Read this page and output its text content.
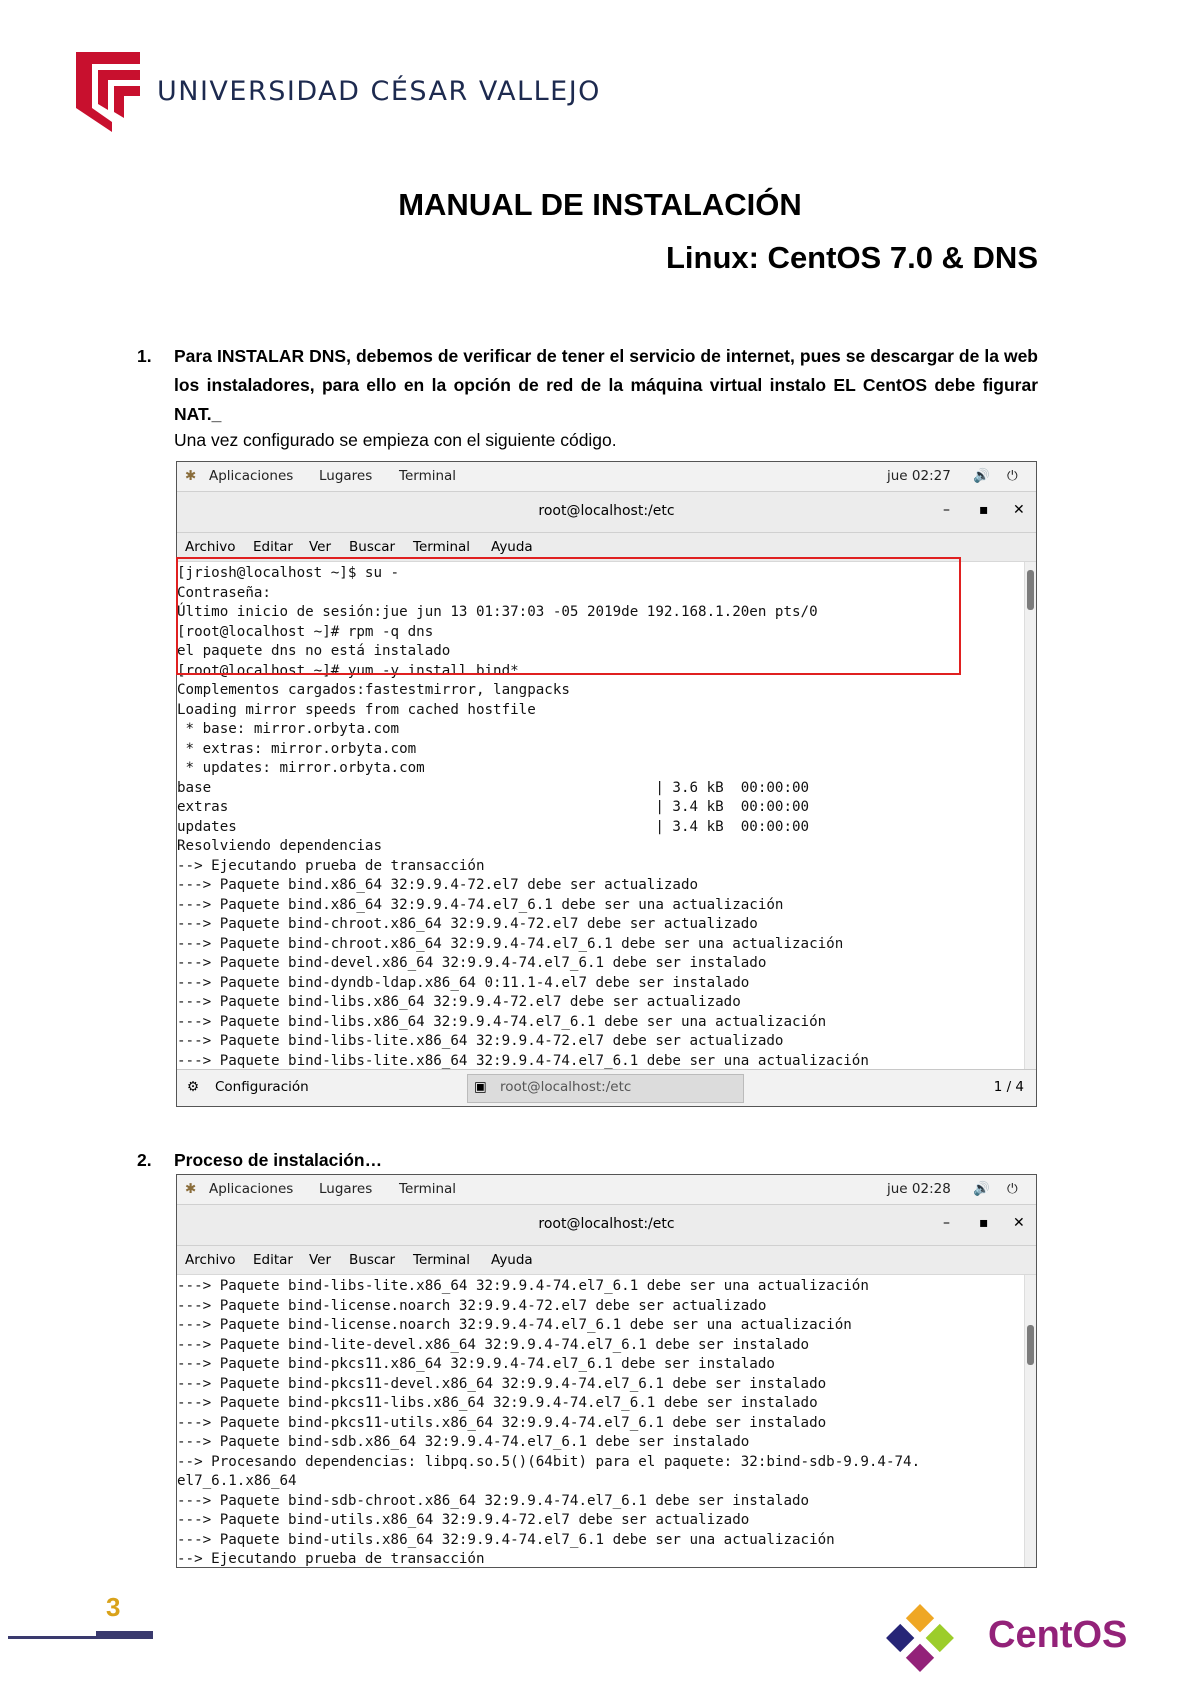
UNIVERSIDAD CÉSAR VALLEJO
MANUAL DE INSTALACIÓN
Linux: CentOS 7.0 & DNS
1. Para INSTALAR DNS, debemos de verificar de tener el servicio de internet, pues se descargar de la web los instaladores, para ello en la opción de red de la máquina virtual instalo EL CentOS debe figurar NAT._
Una vez configurado se empieza con el siguiente código.
✱ Aplicaciones Lugares Terminal	jue 02:27 🔊 ⏻
root@localhost:/etc	– ▪ ✕
Archivo Editar Ver Buscar Terminal Ayuda
[jriosh@localhost ~]$ su -
Contraseña:
Último inicio de sesión:jue jun 13 01:37:03 -05 2019de 192.168.1.20en pts/0
[root@localhost ~]# rpm -q dns
el paquete dns no está instalado
[root@localhost ~]# yum -y install bind*
Complementos cargados:fastestmirror, langpacks
Loading mirror speeds from cached hostfile
* base: mirror.orbyta.com
* extras: mirror.orbyta.com
* updates: mirror.orbyta.com
base                                                    | 3.6 kB  00:00:00
extras                                                  | 3.4 kB  00:00:00
updates                                                 | 3.4 kB  00:00:00
Resolviendo dependencias
--> Ejecutando prueba de transacción
---> Paquete bind.x86_64 32:9.9.4-72.el7 debe ser actualizado
---> Paquete bind.x86_64 32:9.9.4-74.el7_6.1 debe ser una actualización
---> Paquete bind-chroot.x86_64 32:9.9.4-72.el7 debe ser actualizado
---> Paquete bind-chroot.x86_64 32:9.9.4-74.el7_6.1 debe ser una actualización
---> Paquete bind-devel.x86_64 32:9.9.4-74.el7_6.1 debe ser instalado
---> Paquete bind-dyndb-ldap.x86_64 0:11.1-4.el7 debe ser instalado
---> Paquete bind-libs.x86_64 32:9.9.4-72.el7 debe ser actualizado
---> Paquete bind-libs.x86_64 32:9.9.4-74.el7_6.1 debe ser una actualización
---> Paquete bind-libs-lite.x86_64 32:9.9.4-72.el7 debe ser actualizado
---> Paquete bind-libs-lite.x86_64 32:9.9.4-74.el7_6.1 debe ser una actualización
⚙ Configuración	▣ root@localhost:/etc	1 / 4
2. Proceso de instalación…
✱ Aplicaciones Lugares Terminal	jue 02:28 🔊 ⏻
root@localhost:/etc	– ▪ ✕
Archivo Editar Ver Buscar Terminal Ayuda
---> Paquete bind-libs-lite.x86_64 32:9.9.4-74.el7_6.1 debe ser una actualización
---> Paquete bind-license.noarch 32:9.9.4-72.el7 debe ser actualizado
---> Paquete bind-license.noarch 32:9.9.4-74.el7_6.1 debe ser una actualización
---> Paquete bind-lite-devel.x86_64 32:9.9.4-74.el7_6.1 debe ser instalado
---> Paquete bind-pkcs11.x86_64 32:9.9.4-74.el7_6.1 debe ser instalado
---> Paquete bind-pkcs11-devel.x86_64 32:9.9.4-74.el7_6.1 debe ser instalado
---> Paquete bind-pkcs11-libs.x86_64 32:9.9.4-74.el7_6.1 debe ser instalado
---> Paquete bind-pkcs11-utils.x86_64 32:9.9.4-74.el7_6.1 debe ser instalado
---> Paquete bind-sdb.x86_64 32:9.9.4-74.el7_6.1 debe ser instalado
--> Procesando dependencias: libpq.so.5()(64bit) para el paquete: 32:bind-sdb-9.9.4-74.
el7_6.1.x86_64
---> Paquete bind-sdb-chroot.x86_64 32:9.9.4-74.el7_6.1 debe ser instalado
---> Paquete bind-utils.x86_64 32:9.9.4-72.el7 debe ser actualizado
---> Paquete bind-utils.x86_64 32:9.9.4-74.el7_6.1 debe ser una actualización
--> Ejecutando prueba de transacción
3
CentOS
